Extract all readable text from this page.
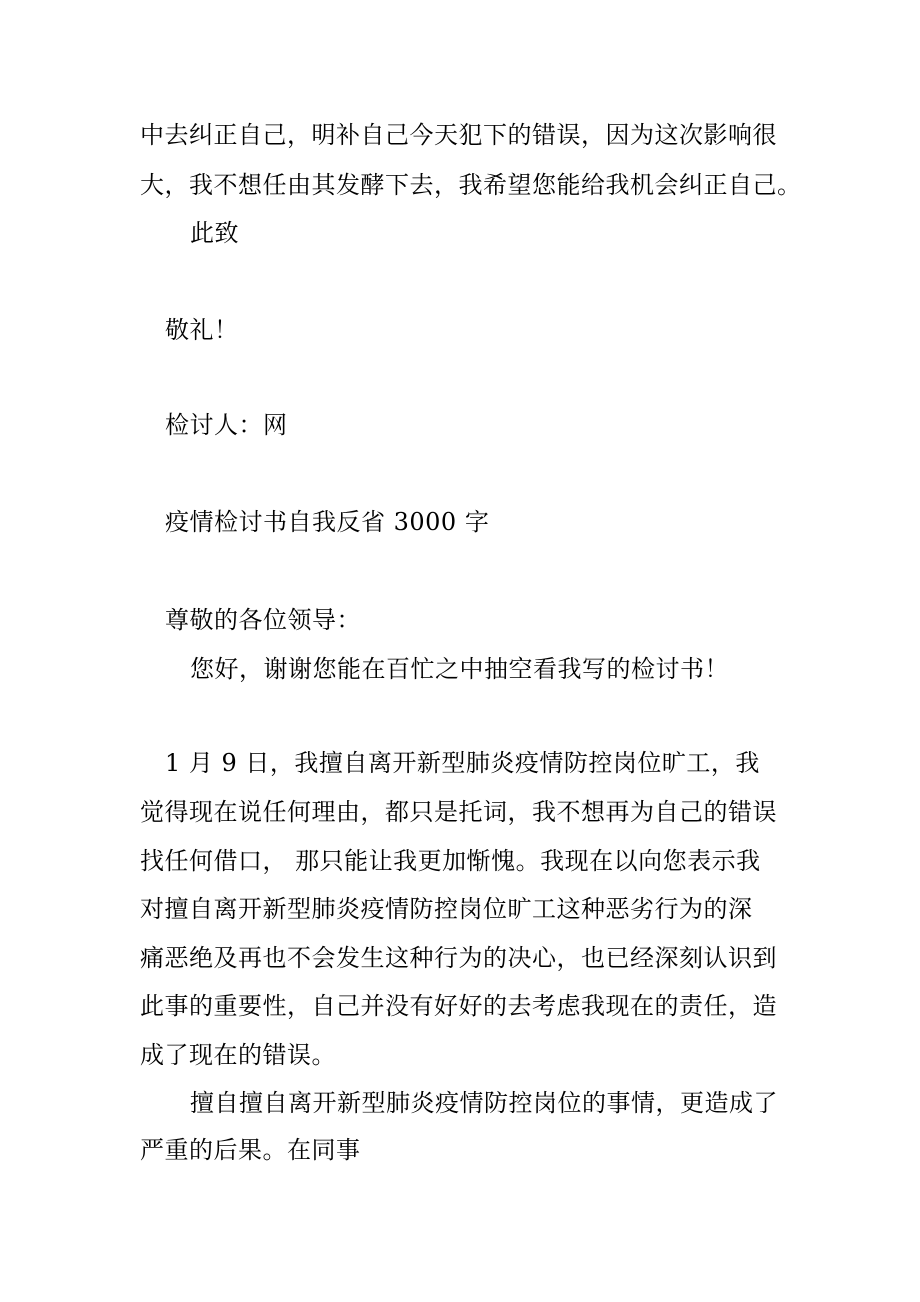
中去纠正自己，明补自己今天犯下的错误，因为这次影响很
大，我不想任由其发酵下去，我希望您能给我机会纠正自己。
此致
敬礼！
检讨人：网
疫情检讨书自我反省 3000 字
尊敬的各位领导：
您好，谢谢您能在百忙之中抽空看我写的检讨书！
1 月 9 日，我擅自离开新型肺炎疫情防控岗位旷工，我
觉得现在说任何理由，都只是托词，我不想再为自己的错误
找任何借口， 那只能让我更加惭愧。我现在以向您表示我
对擅自离开新型肺炎疫情防控岗位旷工这种恶劣行为的深
痛恶绝及再也不会发生这种行为的决心，也已经深刻认识到
此事的重要性，自己并没有好好的去考虑我现在的责任，造
成了现在的错误。
擅自擅自离开新型肺炎疫情防控岗位的事情，更造成了
严重的后果。在同事
